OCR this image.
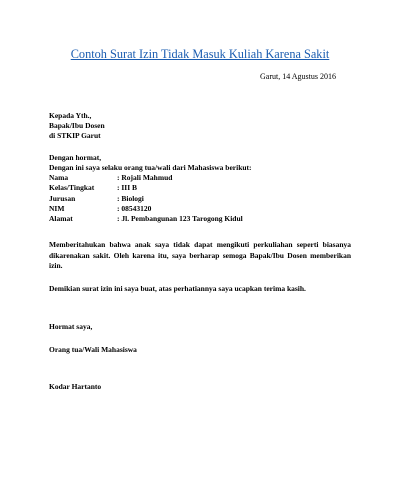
Contoh Surat Izin Tidak Masuk Kuliah Karena Sakit
Garut, 14 Agustus 2016
Kepada Yth.,
Bapak/Ibu Dosen
di STKIP Garut
Dengan hormat,
Dengan ini saya selaku orang tua/wali dari Mahasiswa berikut:
Nama	: Rojali Mahmud
Kelas/Tingkat	: III B
Jurusan	: Biologi
NIM	: 08543120
Alamat	: Jl. Pembangunan 123 Tarogong Kidul
Memberitahukan bahwa anak saya tidak dapat mengikuti perkuliahan seperti biasanya dikarenakan sakit. Oleh karena itu, saya berharap semoga Bapak/Ibu Dosen memberikan izin.
Demikian surat izin ini saya buat, atas perhatiannya saya ucapkan terima kasih.
Hormat saya,
Orang tua/Wali Mahasiswa
Kodar Hartanto
